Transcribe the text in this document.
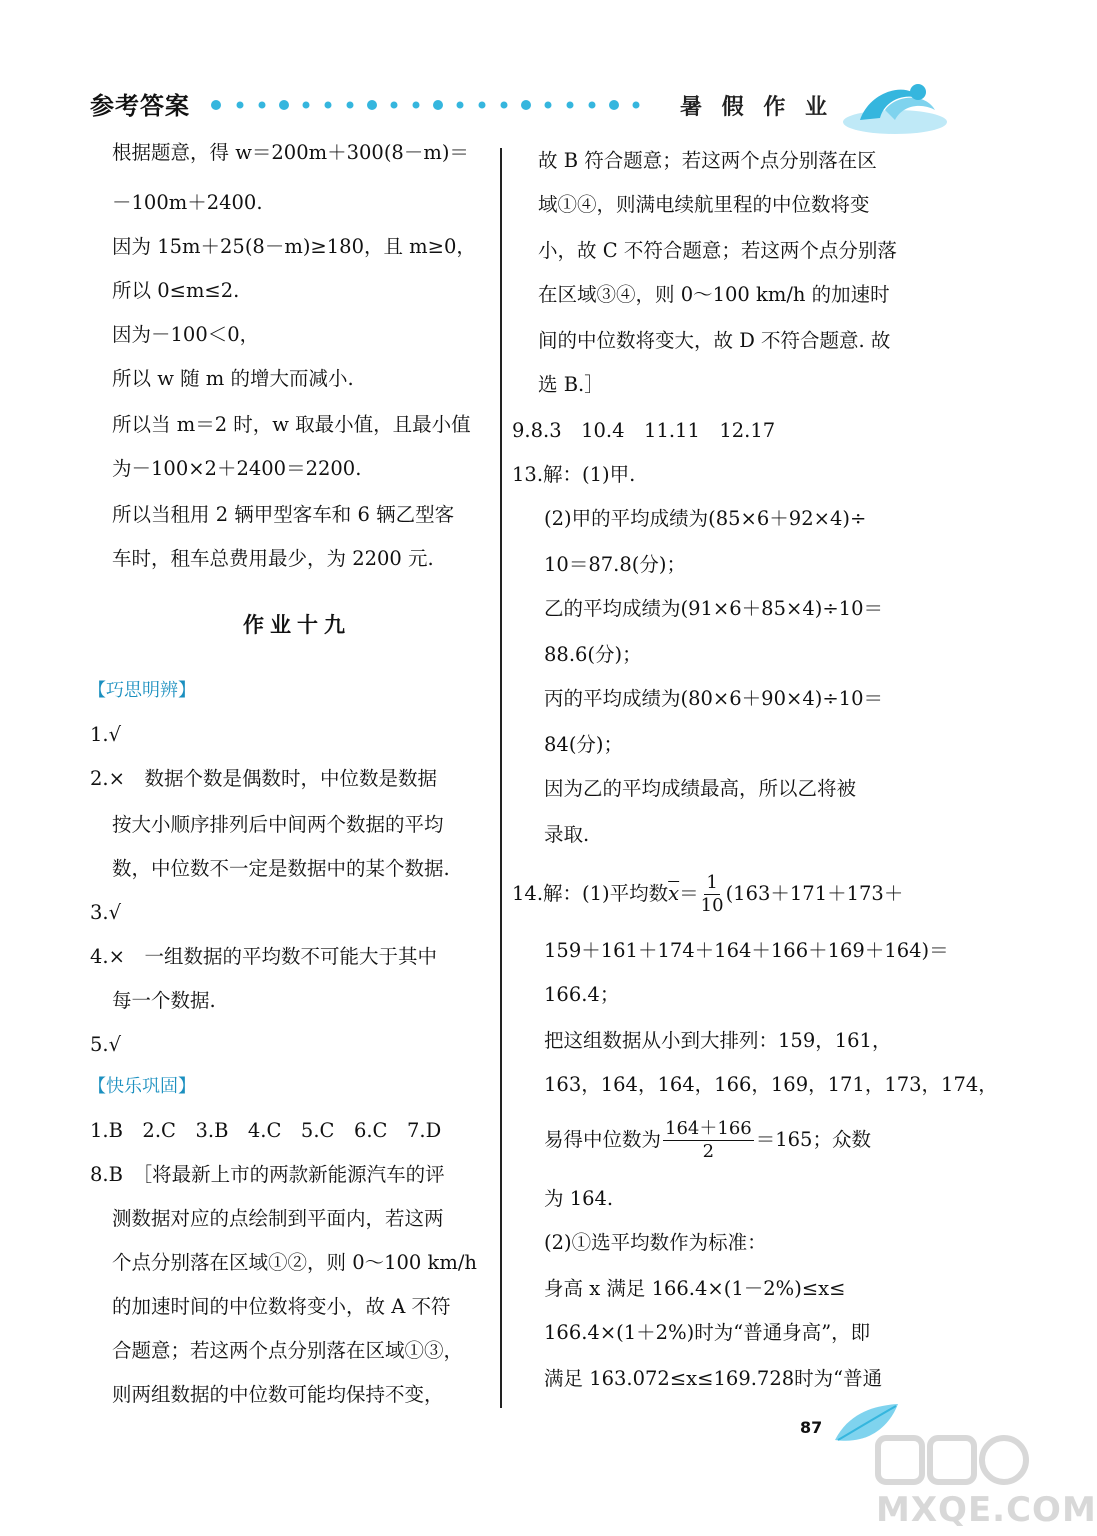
参考答案	暑 假 作 业
根据题意，得 w＝200m＋300(8－m)＝
－100m＋2400.
因为 15m＋25(8－m)≥180，且 m≥0，
所以 0≤m≤2.
因为－100＜0，
所以 w 随 m 的增大而减小.
所以当 m＝2 时，w 取最小值，且最小值
为－100×2＋2400＝2200.
所以当租用 2 辆甲型客车和 6 辆乙型客
车时，租车总费用最少，为 2200 元.
作业十九
【巧思明辨】
1.√
2.×　数据个数是偶数时，中位数是数据
按大小顺序排列后中间两个数据的平均
数，中位数不一定是数据中的某个数据.
3.√
4.×　一组数据的平均数不可能大于其中
每一个数据.
5.√
【快乐巩固】
1.B　2.C　3.B　4.C　5.C　6.C　7.D
8.B　［将最新上市的两款新能源汽车的评
测数据对应的点绘制到平面内，若这两
个点分别落在区域①②，则 0～100 km/h
的加速时间的中位数将变小，故 A 不符
合题意；若这两个点分别落在区域①③，
则两组数据的中位数可能均保持不变，
故 B 符合题意；若这两个点分别落在区
域①④，则满电续航里程的中位数将变
小，故 C 不符合题意；若这两个点分别落
在区域③④，则 0～100 km/h 的加速时
间的中位数将变大，故 D 不符合题意. 故
选 B.］
9.8.3　10.4　11.11　12.17
13.解：(1)甲.
(2)甲的平均成绩为(85×6＋92×4)÷
10＝87.8(分)；
乙的平均成绩为(91×6＋85×4)÷10＝
88.6(分)；
丙的平均成绩为(80×6＋90×4)÷10＝
84(分)；
因为乙的平均成绩最高，所以乙将被
录取.
14.解：(1)平均数$\overline{x}= \frac{1}{10} (163+171+173+$
159＋161＋174＋164＋166＋169＋164)＝
166.4；
把这组数据从小到大排列：159，161，
163，164，164，166，169，171，173，174，
易得中位数为 $\frac{164+166}{2} =165$；众数
为 164.
(2)①选平均数作为标准：
身高 x 满足 166.4×(1－2%)≤x≤
166.4×(1＋2%)时为“普通身高”，即
满足 163.072≤x≤169.728时为“普通
87
MXQE.COM
